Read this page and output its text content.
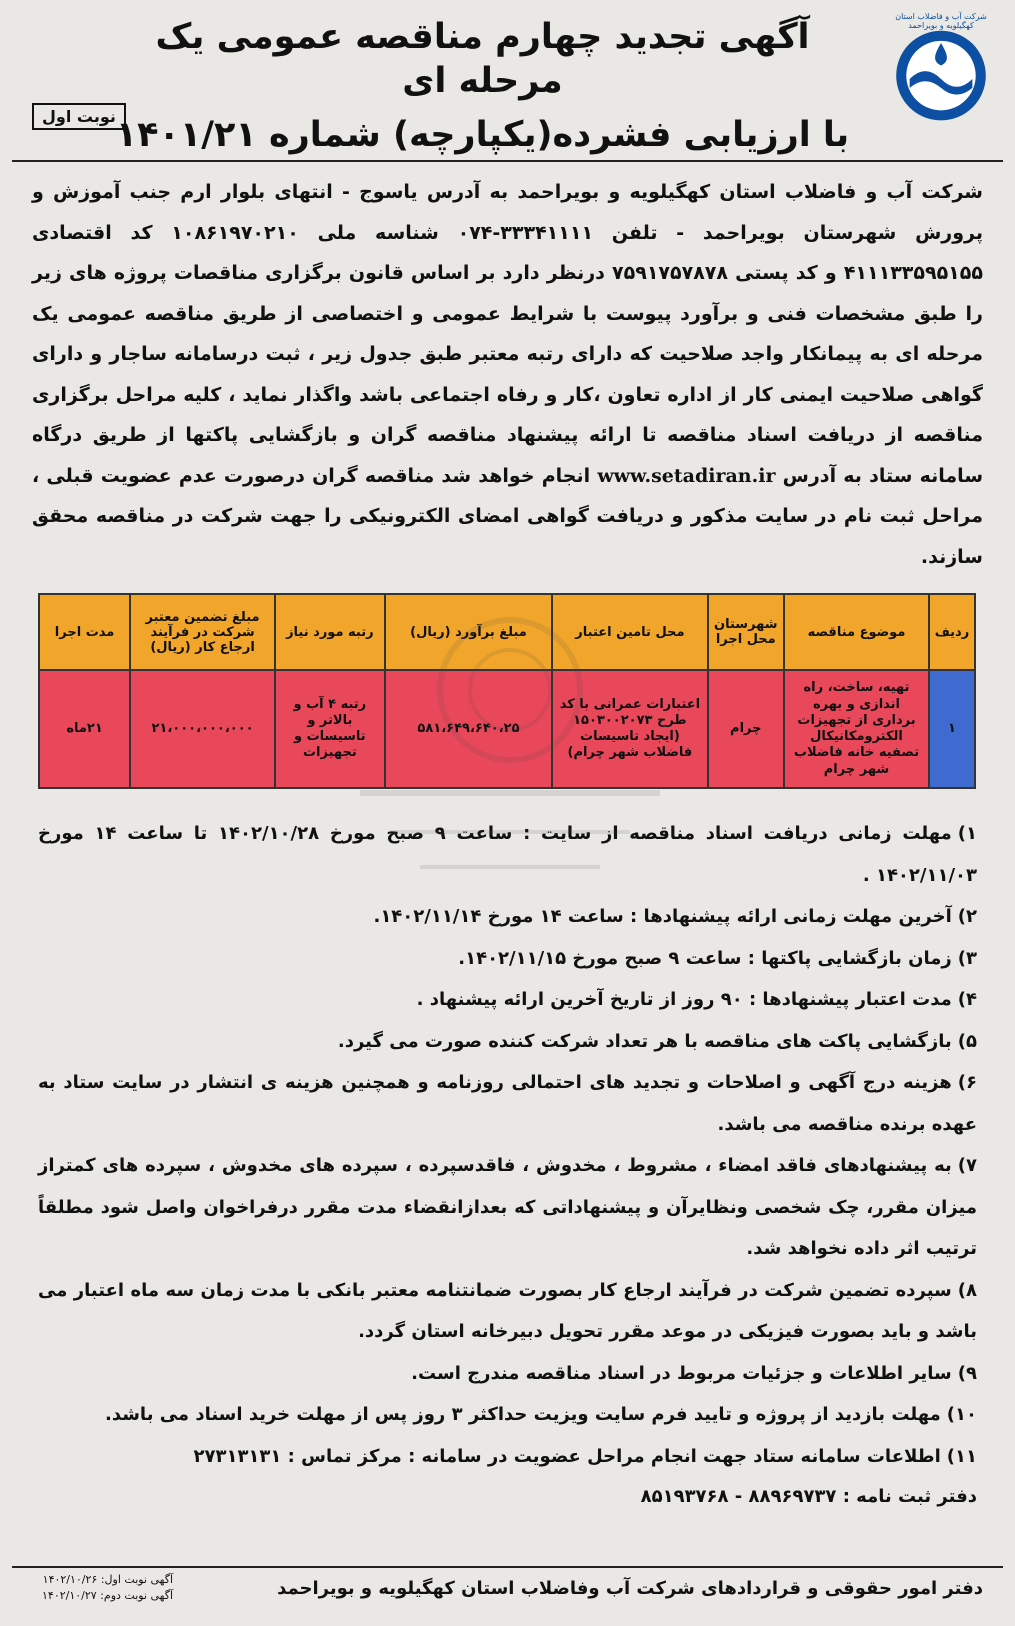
شرکت آب و فاضلاب استان کهگیلویه و بویراحمد
آگهی تجدید چهارم مناقصه عمومی یک مرحله ای
با ارزیابی فشرده(یکپارچه) شماره ۱۴۰۱/۲۱
نوبت اول
شرکت آب و فاضلاب استان کهگیلویه و بویراحمد به آدرس یاسوج - انتهای بلوار ارم جنب آموزش و پرورش شهرستان بویراحمد - تلفن ۳۳۳۴۱۱۱۱-۰۷۴ شناسه ملی ۱۰۸۶۱۹۷۰۲۱۰ کد اقتصادی ۴۱۱۱۳۳۵۹۵۱۵۵ و کد پستی ۷۵۹۱۷۵۷۸۷۸ درنظر دارد بر اساس قانون برگزاری مناقصات پروژه های زیر را طبق مشخصات فنی و برآورد پیوست با شرایط عمومی و اختصاصی از طریق مناقصه عمومی یک مرحله ای به پیمانکار واجد صلاحیت که دارای رتبه معتبر طبق جدول زیر ، ثبت درسامانه ساجار و دارای گواهی صلاحیت ایمنی کار از اداره تعاون ،کار و رفاه اجتماعی باشد واگذار نماید ، کلیه مراحل برگزاری مناقصه از دریافت اسناد مناقصه تا ارائه پیشنهاد مناقصه گران و بازگشایی پاکتها از طریق درگاه سامانه ستاد به آدرس www.setadiran.ir انجام خواهد شد مناقصه گران درصورت عدم عضویت قبلی ، مراحل ثبت نام در سایت مذکور و دریافت گواهی امضای الکترونیکی را جهت شرکت در مناقصه محقق سازند.
ردیف	موضوع مناقصه	شهرستان محل اجرا	محل تامین اعتبار	مبلغ برآورد (ریال)	رتبه مورد نیاز	مبلغ تضمین معتبر شرکت در فرآیند ارجاع کار (ریال)	مدت اجرا
۱	تهیه، ساخت، راه اندازی و بهره برداری از تجهیزات الکترومکانیکال تصفیه خانه فاضلاب شهر چرام	چرام	اعتبارات عمرانی با کد طرح ۱۵۰۳۰۰۲۰۷۳ (ایجاد تاسیسات فاضلاب شهر چرام)	۵۸۱،۶۴۹،۶۴۰،۲۵	رتبه ۴ آب و بالاتر و تاسیسات و تجهیزات	۲۱،۰۰۰،۰۰۰،۰۰۰	۲۱ماه
۱)مهلت زمانی دریافت اسناد مناقصه از سایت : ساعت ۹ صبح مورخ ۱۴۰۲/۱۰/۲۸ تا ساعت ۱۴ مورخ ۱۴۰۲/۱۱/۰۳ .
۲)آخرین مهلت زمانی ارائه پیشنهادها : ساعت ۱۴ مورخ ۱۴۰۲/۱۱/۱۴.
۳)زمان بازگشایی پاکتها : ساعت ۹ صبح مورخ ۱۴۰۲/۱۱/۱۵.
۴)مدت اعتبار پیشنهادها : ۹۰ روز از تاریخ آخرین ارائه پیشنهاد .
۵)بازگشایی پاکت های مناقصه با هر تعداد شرکت کننده صورت می گیرد.
۶)هزینه درج آگهی و اصلاحات و تجدید های احتمالی روزنامه و همچنین هزینه ی انتشار در سایت ستاد به عهده برنده مناقصه می باشد.
۷)به پیشنهادهای فاقد امضاء ، مشروط ، مخدوش ، فاقدسپرده ، سپرده های مخدوش ، سپرده های کمتراز میزان مقرر، چک شخصی ونظایرآن و پیشنهاداتی که بعدازانقضاء مدت مقرر درفراخوان واصل شود مطلقاً ترتیب اثر داده نخواهد شد.
۸)سپرده تضمین شرکت در فرآیند ارجاع کار بصورت ضمانتنامه معتبر بانکی با مدت زمان سه ماه اعتبار می باشد و باید بصورت فیزیکی در موعد مقرر تحویل دبیرخانه استان گردد.
۹)سایر اطلاعات و جزئیات مربوط در اسناد مناقصه مندرج است.
۱۰)مهلت بازدید از پروژه و تایید فرم سایت ویزیت حداکثر ۳ روز پس از مهلت خرید اسناد می باشد.
۱۱)اطلاعات سامانه ستاد جهت انجام مراحل عضویت در سامانه : مرکز تماس : ۲۷۳۱۳۱۳۱
دفتر ثبت نامه : ۸۸۹۶۹۷۳۷ - ۸۵۱۹۳۷۶۸
دفتر امور حقوقی و قراردادهای شرکت آب وفاضلاب استان کهگیلویه و بویراحمد
آگهی نوبت اول: ۱۴۰۲/۱۰/۲۶
آگهی نوبت دوم: ۱۴۰۲/۱۰/۲۷
